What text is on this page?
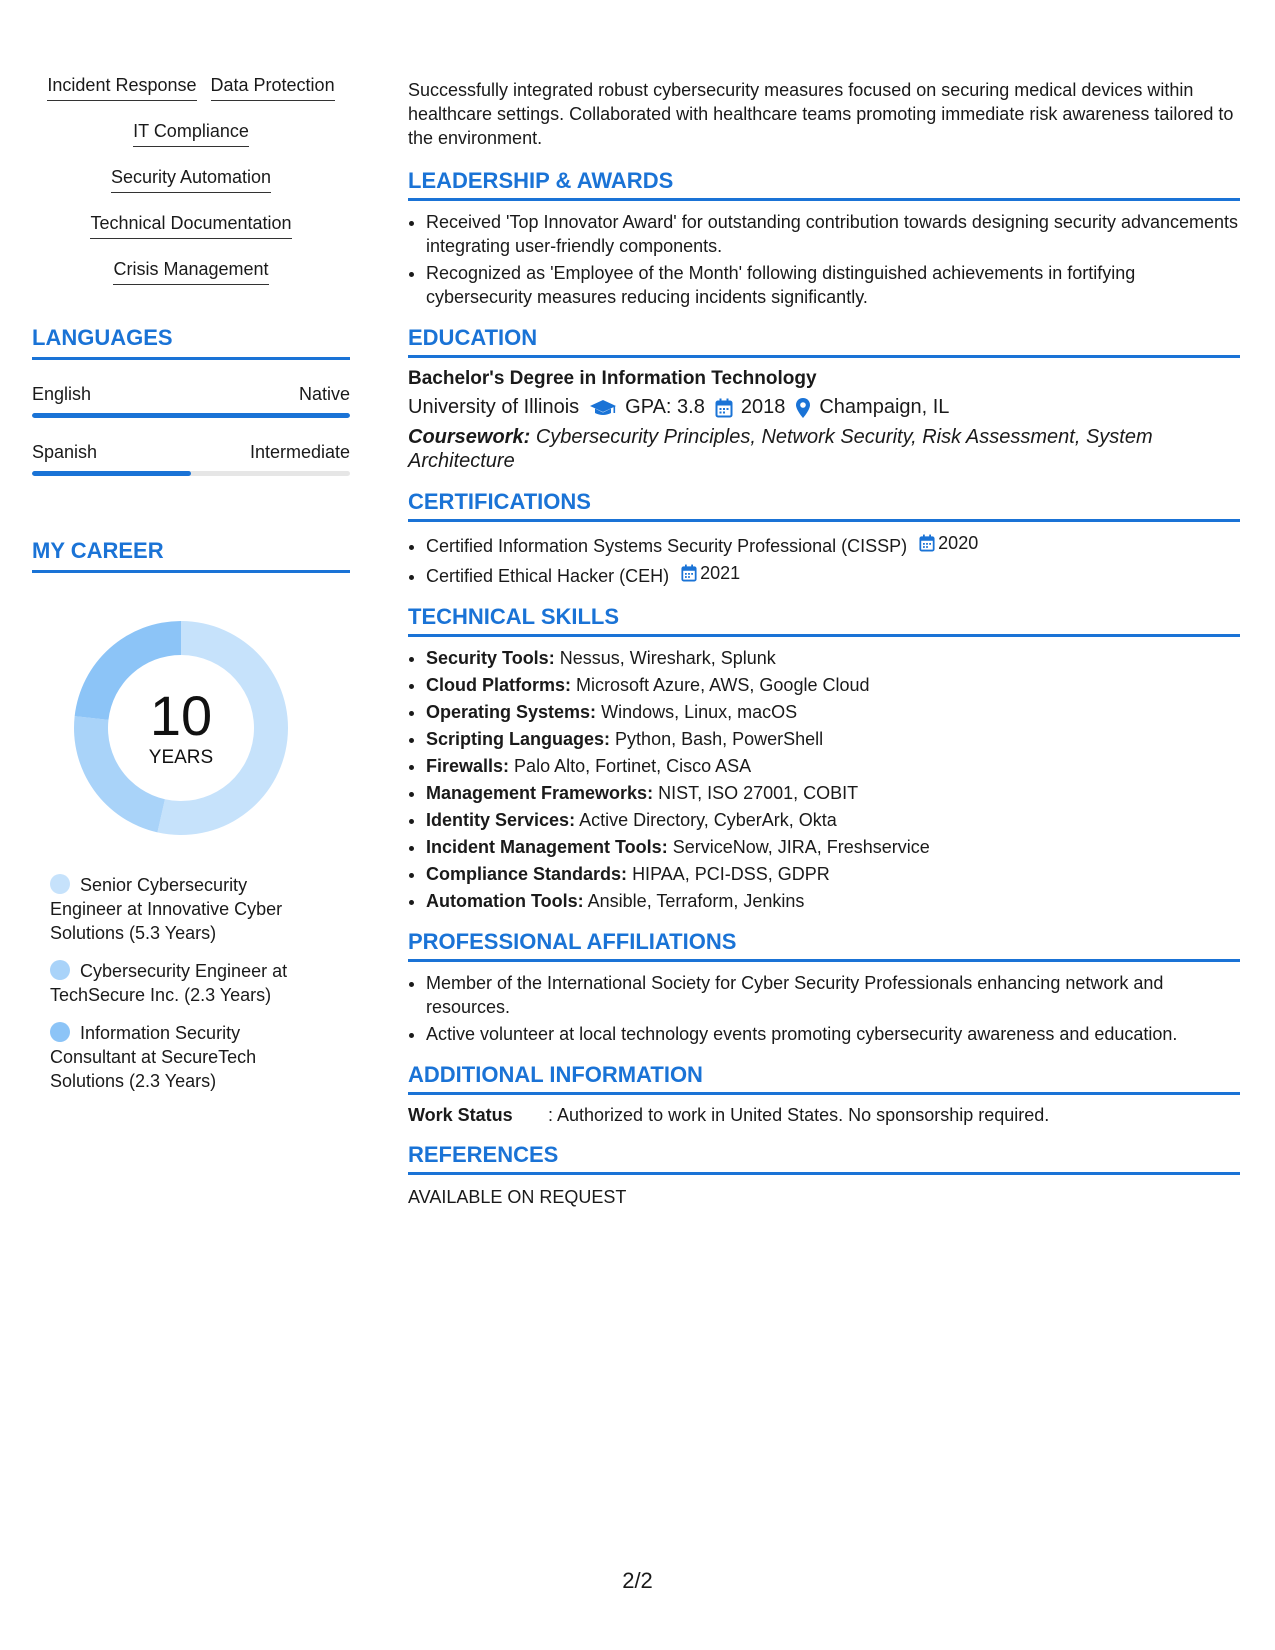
Incident Response Data Protection
IT Compliance
Security Automation
Technical Documentation
Crisis Management
LANGUAGES
English	Native
Spanish	Intermediate
MY CAREER
10
YEARS
Senior Cybersecurity Engineer at Innovative Cyber Solutions (5.3 Years)
Cybersecurity Engineer at TechSecure Inc. (2.3 Years)
Information Security Consultant at SecureTech Solutions (2.3 Years)

Successfully integrated robust cybersecurity measures focused on securing medical devices within healthcare settings. Collaborated with healthcare teams promoting immediate risk awareness tailored to the environment.

LEADERSHIP & AWARDS
• Received 'Top Innovator Award' for outstanding contribution towards designing security advancements integrating user-friendly components.
• Recognized as 'Employee of the Month' following distinguished achievements in fortifying cybersecurity measures reducing incidents significantly.
EDUCATION
Bachelor's Degree in Information Technology
University of Illinois GPA: 3.8 2018 Champaign, IL
Coursework: Cybersecurity Principles, Network Security, Risk Assessment, System Architecture
CERTIFICATIONS
• Certified Information Systems Security Professional (CISSP) 2020
• Certified Ethical Hacker (CEH) 2021
TECHNICAL SKILLS
• Security Tools: Nessus, Wireshark, Splunk
• Cloud Platforms: Microsoft Azure, AWS, Google Cloud
• Operating Systems: Windows, Linux, macOS
• Scripting Languages: Python, Bash, PowerShell
• Firewalls: Palo Alto, Fortinet, Cisco ASA
• Management Frameworks: NIST, ISO 27001, COBIT
• Identity Services: Active Directory, CyberArk, Okta
• Incident Management Tools: ServiceNow, JIRA, Freshservice
• Compliance Standards: HIPAA, PCI-DSS, GDPR
• Automation Tools: Ansible, Terraform, Jenkins
PROFESSIONAL AFFILIATIONS
• Member of the International Society for Cyber Security Professionals enhancing network and resources.
• Active volunteer at local technology events promoting cybersecurity awareness and education.
ADDITIONAL INFORMATION
Work Status	: Authorized to work in United States. No sponsorship required.
REFERENCES
AVAILABLE ON REQUEST
2/2
